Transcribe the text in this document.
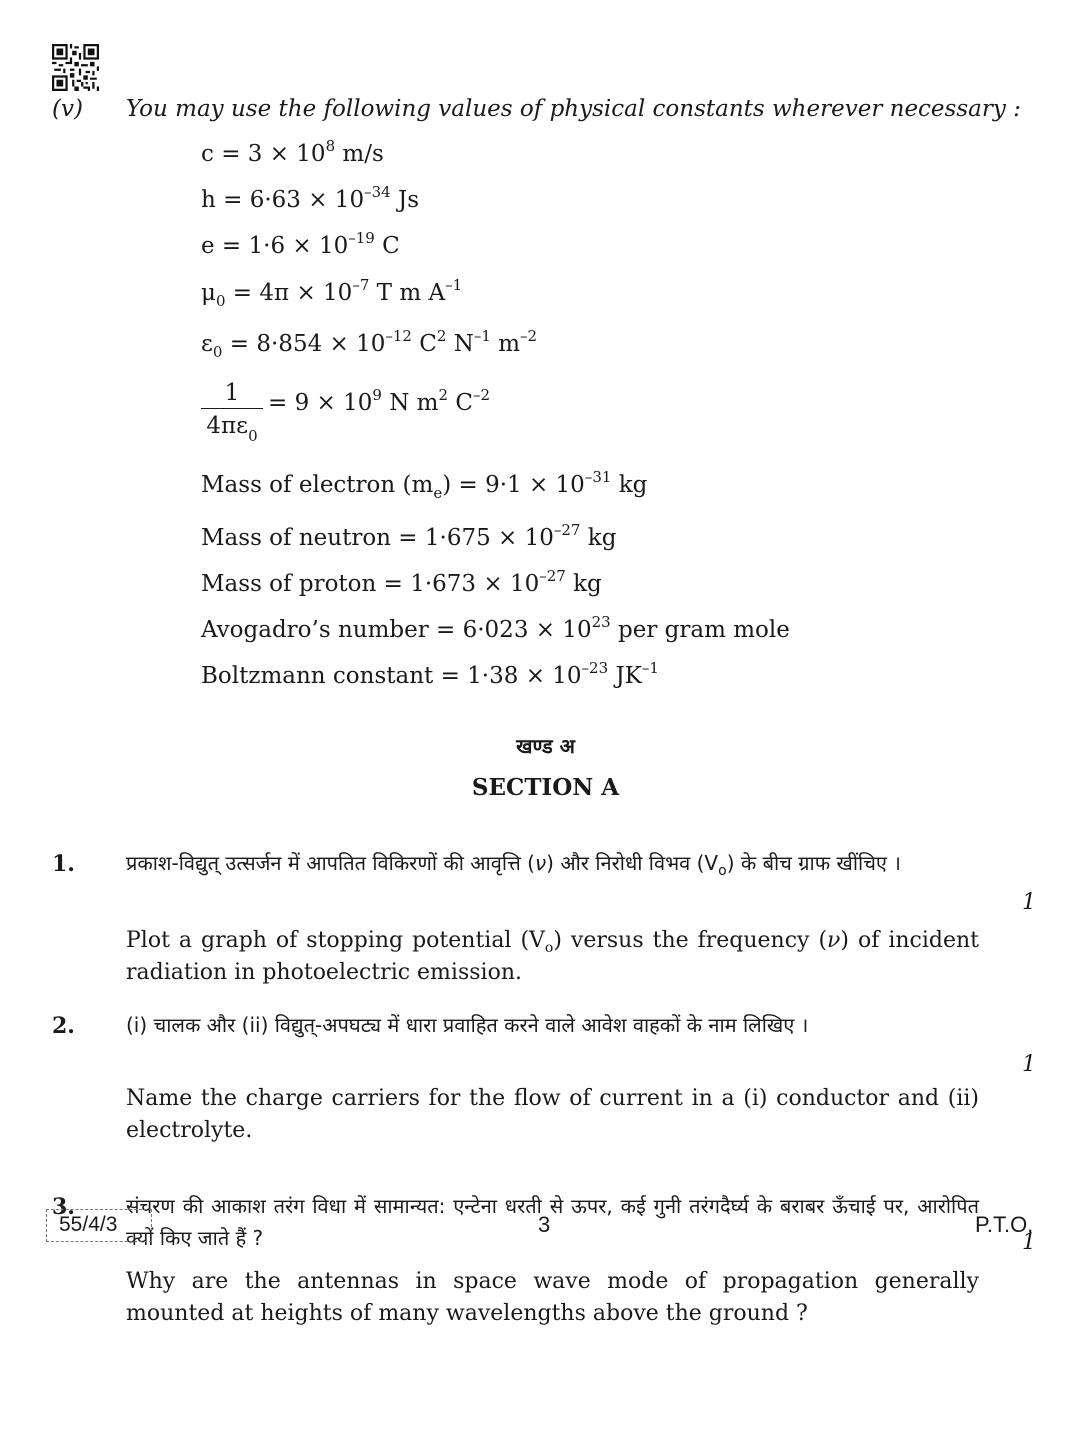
(v) You may use the following values of physical constants wherever necessary :
$c = 3 \times 10^8$ m/s
$h = 6\cdot 63 \times 10^{-34}$ Js
$e = 1\cdot 6 \times 10^{-19}$ C
$\mu_0 = 4\pi \times 10^{-7}$ T m $A^{-1}$
$\varepsilon_0 = 8\cdot 854 \times 10^{-12}$ $C^2$ $N^{-1}$ $m^{-2}$
$\frac{1}{4\pi\varepsilon_0} = 9 \times 10^9$ N $m^2$ $C^{-2}$
Mass of electron $(m_e) = 9\cdot 1 \times 10^{-31}$ kg
Mass of neutron = $1\cdot 675 \times 10^{-27}$ kg
Mass of proton = $1\cdot 673 \times 10^{-27}$ kg
Avogadro’s number = $6\cdot 023 \times 10^{23}$ per gram mole
Boltzmann constant = $1\cdot 38 \times 10^{-23}$ $JK^{-1}$
खण्ड अ
SECTION A
1.	प्रकाश-विद्युत् उत्सर्जन में आपतित विकिरणों की आवृत्ति (ν) और निरोधी विभव $(V_o)$ के बीच ग्राफ खींचिए ।
1
Plot a graph of stopping potential $(V_o)$ versus the frequency (ν) of incident radiation in photoelectric emission.
2.	(i) चालक और (ii) विद्युत्-अपघट्य में धारा प्रवाहित करने वाले आवेश वाहकों के नाम लिखिए ।
1
Name the charge carriers for the flow of current in a (i) conductor and (ii) electrolyte.
3.	संचरण की आकाश तरंग विधा में सामान्यत: एन्टेना धरती से ऊपर, कई गुनी तरंगदैर्घ्य के बराबर ऊँचाई पर, आरोपित क्यों किए जाते हैं ?	1
Why are the antennas in space wave mode of propagation generally mounted at heights of many wavelengths above the ground ?
55/4/3	3	P.T.O.
